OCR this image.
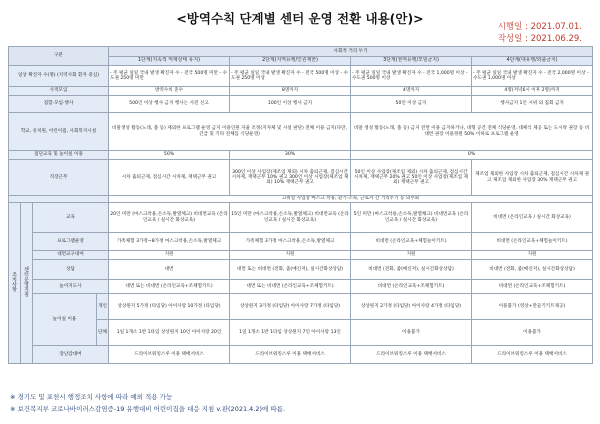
<방역수칙 단계별 센터 운영 전환 내용(안)>
시행일 : 2021.07.01.
작성일 : 2021.06.29.
구분				사회적 거리 두기			
				1단계(지속적 억제상태 유지)	2단계(지역유행/인원제한)	3단계(권역유행/모임금지)	4단계(대유행/외출금지)
일상 확진자 수(명) (지역사회 환자 중심)				- 주 평균 일일 국내 발생 확진자 수 - 전국 500명 미만 - 수도권 250명 미만	- 주 평균 일일 국내 발생 확진자 수 - 전국 500명 이상 - 수도권 250명 이상	- 주 평균 일일 국내 발생 확진자 수 - 전국 1,000명 이상 - 수도권 500명 이상	- 주 평균 일일 국내 발생 확진자 수 - 전국 2,000명 이상 - 수도권 1,000명 이상
사적모임				방역수칙 준수	8명까지	4명까지	4명(저녁6시 이후 2명)까지
집합·모임·행사				500인 이상 행사 금지 행사는 사전 신고	100인 이상 행사 금지	50인 이상 금지	행사금지 1인 시위 외 집회 금지
학교, 유치원, 어린이집, 사회복지시설				비말생성 활동(노래, 춤 등) 제외한 프로그램 운영 금지 이용인원 자율 조정(지자체 및 시설 판단) 전체 이용 금지(다만, 긴급 및 기타 전체를 식당운영)		비말 생성 활동(노래, 춤 등) 금지 전면 이용 금지하거나, 대형 공간 전체 식당운영, 대체식 제공 또는 도시락 권장 등 비대면 권장 이용정원 50% 이하로 프로그램 운영	
집단교육 및 놀이실 이용				50%	30%	0%	
직장근무				시차 출퇴근제, 점심시간 시차제, 재택근무 권고	300인 이상 사업장(제조업 제외) 시차 출퇴근제, 점심시간 시차제, 재택근무 10% 권고 300인 이상 사업장(제조업 제외) 10% 재택근무 권고	50인 이상 사업장(제조업 제외) 시차 출퇴근제, 점심시간 시차제, 재택근무 20% 권고 50인 이상 사업장(제조업 제외) 재택근무 권고	제조업 제외한 사업장 시차 출퇴근제, 점심시간 시차제 권고 제조업 제외한 사업장 30% 재택근무 권고
				고위험 사업장 마스크 착용, 환기·소독, 근로자 간 거리두기 등 의무화			
조치 사항	센터 운영 지침	교육		20인 미만 (마스크착용,손소독,발열체크) 비대면교육 (온라인교육 / 실시간 화상교육)	15인 미만 (마스크착용,손소독,발열체크) 비대면교육 (온라인교육 / 실시간 화상교육)	5인 미만 (마스크착용,손소독,발열체크) 비대면교육 (온라인교육 / 실시간 화상교육)	비대면 (온라인교육 / 실시간 화상교육)
		프로그램운영		가족체험 3가정~8가정 마스크착용,손소독,발열체크	가족체험 3가정 마스크착용,손소독,발열체크	비대면 (온라인교육+체험놀이키트)	비대면 (온라인교육+체험놀이키트)
		대면교구대여		지원	지원	지원	지원
		상담		대면	대면 또는 비대면 (전화, 줌(메신저), 실시간화상상담)	비대면 (전화, 줌(메신저), 실시간화상상담)	비대면 (전화, 줌(메신저), 실시간화상상담)
		놀이지도사		대면 또는 비대면 (온라인교육+조체험키트)	대면 또는 비대면 (온라인교육+조체험키트)	비대면 (온라인교육+조체험키트)	비대면 (온라인교육+조체험키트)
		놀이실 이용	개인	상상원지 5가정 (타임당) 아이사랑 10가정 (타임당)	상상원지 3가정 (타임당) 아이사랑 7가정 (타임당)	상상원지 2가정 (타임당) 아이사랑 4가정 (타임당)	이용불가 (영상+만들기키트제공)
			단체	1일 1개소 1반 1타임 상상원지 10인 아이사랑 20인	1일 1개소 1반 1타임 상상원지 7인 아이사랑 13인	이용불가	이용불가
		장난감대여		드라이브워킹스루 이용 택배서비스	드라이브워킹스루 이용 택배서비스	드라이브워킹스루 이용 택배서비스	드라이브워킹스루 이용 택배서비스
※ 경기도 및 포천시 행정조치 사항에 따라 예외 적용 가능
※ 보건복지부 코로나바이러스감염증-19 유행대비 어린이집을 대응 지침 v.판(2021.4.2)에 따름.
